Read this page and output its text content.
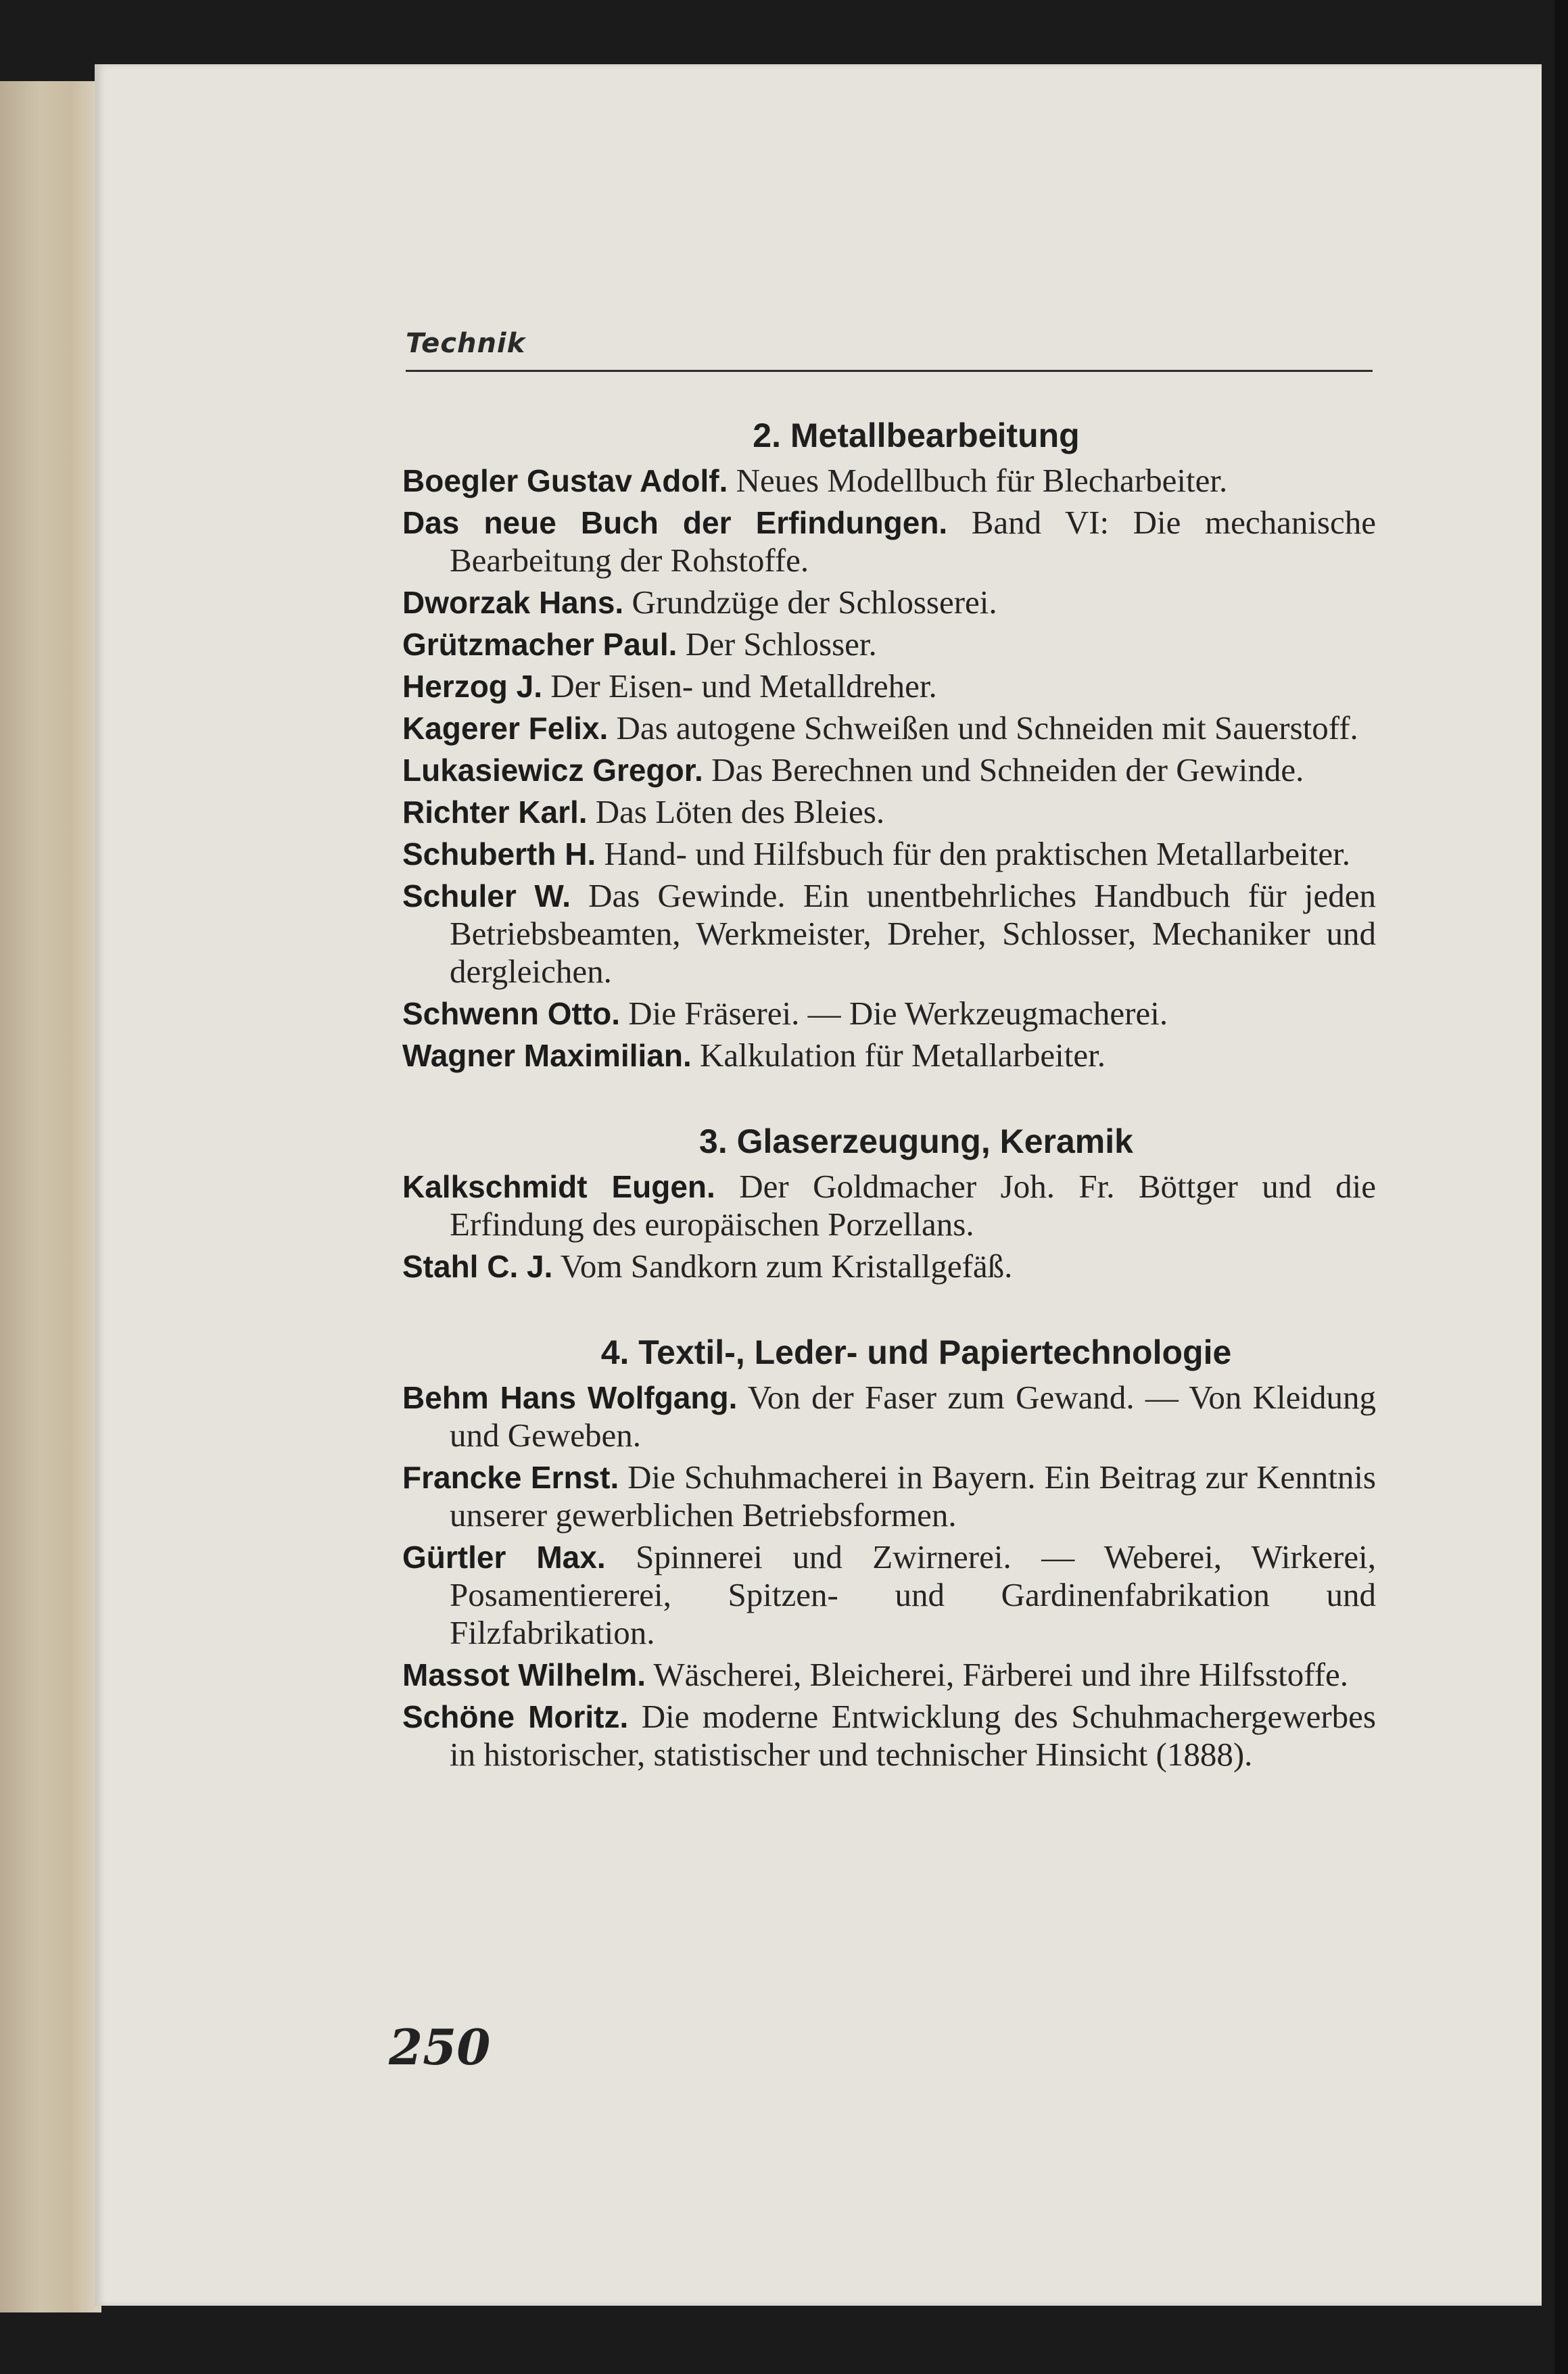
Technik
2. Metallbearbeitung

Boegler Gustav Adolf. Neues Modellbuch für Blecharbeiter.

Das neue Buch der Erfindungen. Band VI: Die mechanische Bearbeitung der Rohstoffe.

Dworzak Hans. Grundzüge der Schlosserei.

Grützmacher Paul. Der Schlosser.

Herzog J. Der Eisen- und Metalldreher.

Kagerer Felix. Das autogene Schweißen und Schneiden mit Sauerstoff.

Lukasiewicz Gregor. Das Berechnen und Schneiden der Gewinde.

Richter Karl. Das Löten des Bleies.

Schuberth H. Hand- und Hilfsbuch für den praktischen Metallarbeiter.

Schuler W. Das Gewinde. Ein unentbehrliches Handbuch für jeden Betriebsbeamten, Werkmeister, Dreher, Schlosser, Mechaniker und dergleichen.

Schwenn Otto. Die Fräserei. — Die Werkzeugmacherei.

Wagner Maximilian. Kalkulation für Metallarbeiter.

3. Glaserzeugung, Keramik

Kalkschmidt Eugen. Der Goldmacher Joh. Fr. Böttger und die Erfindung des europäischen Porzellans.

Stahl C. J. Vom Sandkorn zum Kristallgefäß.

4. Textil-, Leder- und Papiertechnologie

Behm Hans Wolfgang. Von der Faser zum Gewand. — Von Kleidung und Geweben.

Francke Ernst. Die Schuhmacherei in Bayern. Ein Beitrag zur Kenntnis unserer gewerblichen Betriebsformen.

Gürtler Max. Spinnerei und Zwirnerei. — Weberei, Wirkerei, Posamentiererei, Spitzen- und Gardinenfabrikation und Filzfabrikation.

Massot Wilhelm. Wäscherei, Bleicherei, Färberei und ihre Hilfsstoffe.

Schöne Moritz. Die moderne Entwicklung des Schuhmachergewerbes in historischer, statistischer und technischer Hinsicht (1888).

250
